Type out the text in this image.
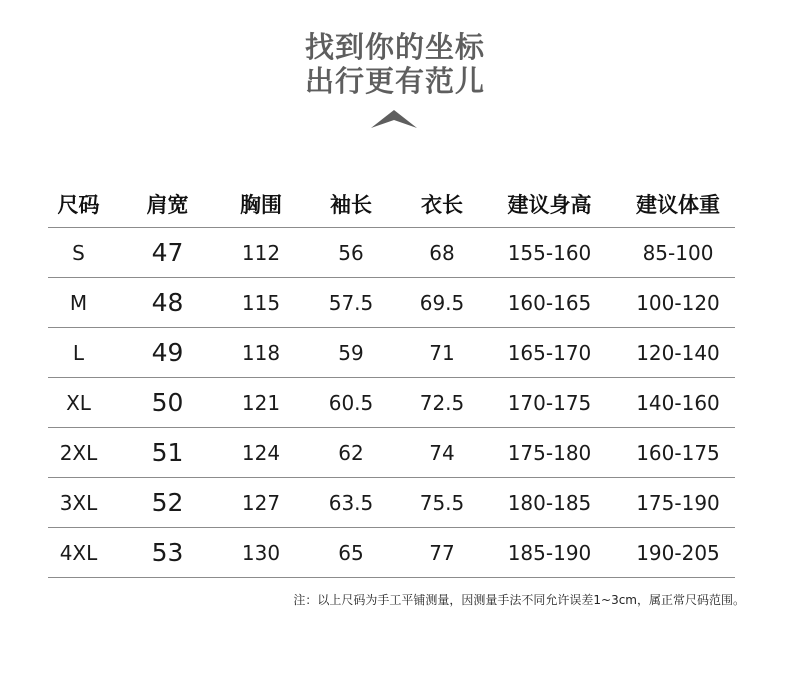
找到你的坐标
出行更有范儿
尺码	肩宽	胸围	袖长	衣长	建议身高	建议体重
S	47	112	56	68	155-160	85-100
M	48	115	57.5	69.5	160-165	100-120
L	49	118	59	71	165-170	120-140
XL	50	121	60.5	72.5	170-175	140-160
2XL	51	124	62	74	175-180	160-175
3XL	52	127	63.5	75.5	180-185	175-190
4XL	53	130	65	77	185-190	190-205
注：以上尺码为手工平铺测量，因测量手法不同允许误差1~3cm，属正常尺码范围。
